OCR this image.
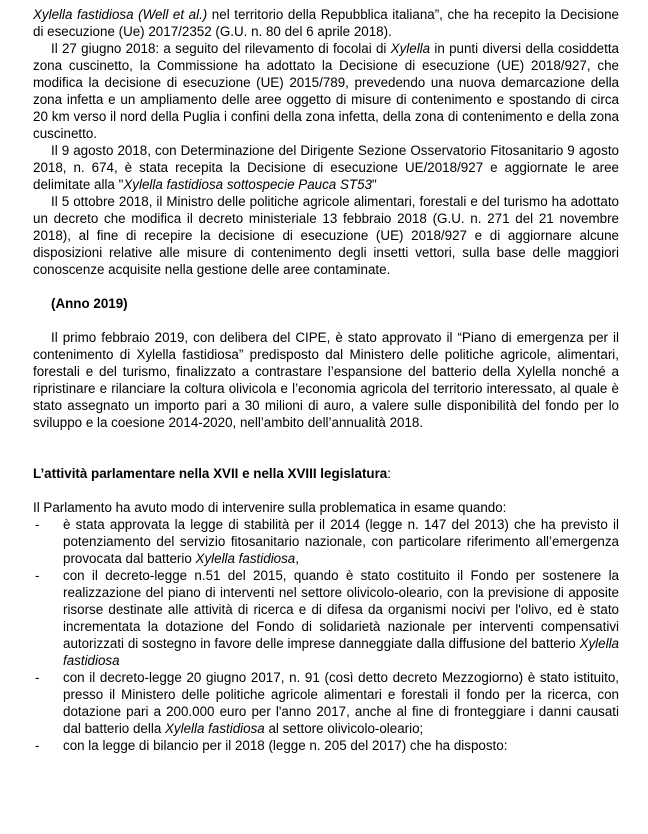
Xylella fastidiosa (Well et al.) nel territorio della Repubblica italiana”, che ha recepito la Decisione di esecuzione (Ue) 2017/2352 (G.U. n. 80 del 6 aprile 2018).

Il 27 giugno 2018: a seguito del rilevamento di focolai di Xylella in punti diversi della cosiddetta zona cuscinetto, la Commissione ha adottato la Decisione di esecuzione (UE) 2018/927, che modifica la decisione di esecuzione (UE) 2015/789, prevedendo una nuova demarcazione della zona infetta e un ampliamento delle aree oggetto di misure di contenimento e spostando di circa 20 km verso il nord della Puglia i confini della zona infetta, della zona di contenimento e della zona cuscinetto.

Il 9 agosto 2018, con Determinazione del Dirigente Sezione Osservatorio Fitosanitario 9 agosto 2018, n. 674, è stata recepita la Decisione di esecuzione UE/2018/927 e aggiornate le aree delimitate alla "Xylella fastidiosa sottospecie Pauca ST53"

Il 5 ottobre 2018, il Ministro delle politiche agricole alimentari, forestali e del turismo ha adottato un decreto che modifica il decreto ministeriale 13 febbraio 2018 (G.U. n. 271 del 21 novembre 2018), al fine di recepire la decisione di esecuzione (UE) 2018/927 e di aggiornare alcune disposizioni relative alle misure di contenimento degli insetti vettori, sulla base delle maggiori conoscenze acquisite nella gestione delle aree contaminate.

(Anno 2019)

Il primo febbraio 2019, con delibera del CIPE, è stato approvato il “Piano di emergenza per il contenimento di Xylella fastidiosa” predisposto dal Ministero delle politiche agricole, alimentari, forestali e del turismo, finalizzato a contrastare l’espansione del batterio della Xylella nonché a ripristinare e rilanciare la coltura olivicola e l’economia agricola del territorio interessato, al quale è stato assegnato un importo pari a 30 milioni di auro, a valere sulle disponibilità del fondo per lo sviluppo e la coesione 2014-2020, nell’ambito dell’annualità 2018.

L’attività parlamentare nella XVII e nella XVIII legislatura:

Il Parlamento ha avuto modo di intervenire sulla problematica in esame quando:

- è stata approvata la legge di stabilità per il 2014 (legge n. 147 del 2013) che ha previsto il potenziamento del servizio fitosanitario nazionale, con particolare riferimento all’emergenza provocata dal batterio Xylella fastidiosa,
- con il decreto-legge n.51 del 2015, quando è stato costituito il Fondo per sostenere la realizzazione del piano di interventi nel settore olivicolo-oleario, con la previsione di apposite risorse destinate alle attività di ricerca e di difesa da organismi nocivi per l'olivo, ed è stato incrementata la dotazione del Fondo di solidarietà nazionale per interventi compensativi autorizzati di sostegno in favore delle imprese danneggiate dalla diffusione del batterio Xylella fastidiosa
- con il decreto-legge 20 giugno 2017, n. 91 (così detto decreto Mezzogiorno) è stato istituito, presso il Ministero delle politiche agricole alimentari e forestali il fondo per la ricerca, con dotazione pari a 200.000 euro per l'anno 2017, anche al fine di fronteggiare i danni causati dal batterio della Xylella fastidiosa al settore olivicolo-oleario;
- con la legge di bilancio per il 2018 (legge n. 205 del 2017) che ha disposto:
